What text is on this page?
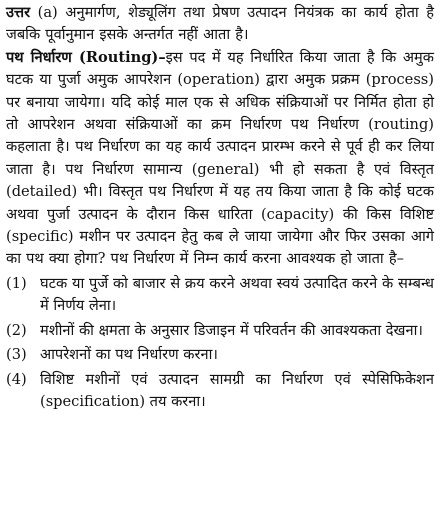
उत्तर (a) अनुमार्गण, शेड्यूलिंग तथा प्रेषण उत्पादन नियंत्रक का कार्य होता है जबकि पूर्वानुमान इसके अन्तर्गत नहीं आता है।

पथ निर्धारण (Routing)–इस पद में यह निर्धारित किया जाता है कि अमुक घटक या पुर्जा अमुक आपरेशन (operation) द्वारा अमुक प्रक्रम (process) पर बनाया जायेगा। यदि कोई माल एक से अधिक संक्रियाओं पर निर्मित होता हो तो आपरेशन अथवा संक्रियाओं का क्रम निर्धारण पथ निर्धारण (routing) कहलाता है। पथ निर्धारण का यह कार्य उत्पादन प्रारम्भ करने से पूर्व ही कर लिया जाता है। पथ निर्धारण सामान्य (general) भी हो सकता है एवं विस्तृत (detailed) भी। विस्तृत पथ निर्धारण में यह तय किया जाता है कि कोई घटक अथवा पुर्जा उत्पादन के दौरान किस धारिता (capacity) की किस विशिष्ट (specific) मशीन पर उत्पादन हेतु कब ले जाया जायेगा और फिर उसका आगे का पथ क्या होगा? पथ निर्धारण में निम्न कार्य करना आवश्यक हो जाता है–

(1) घटक या पुर्जे को बाजार से क्रय करने अथवा स्वयं उत्पादित करने के सम्बन्ध में निर्णय लेना।
(2) मशीनों की क्षमता के अनुसार डिजाइन में परिवर्तन की आवश्यकता देखना।
(3) आपरेशनों का पथ निर्धारण करना।
(4) विशिष्ट मशीनों एवं उत्पादन सामग्री का निर्धारण एवं स्पेसिफिकेशन (specification) तय करना।
